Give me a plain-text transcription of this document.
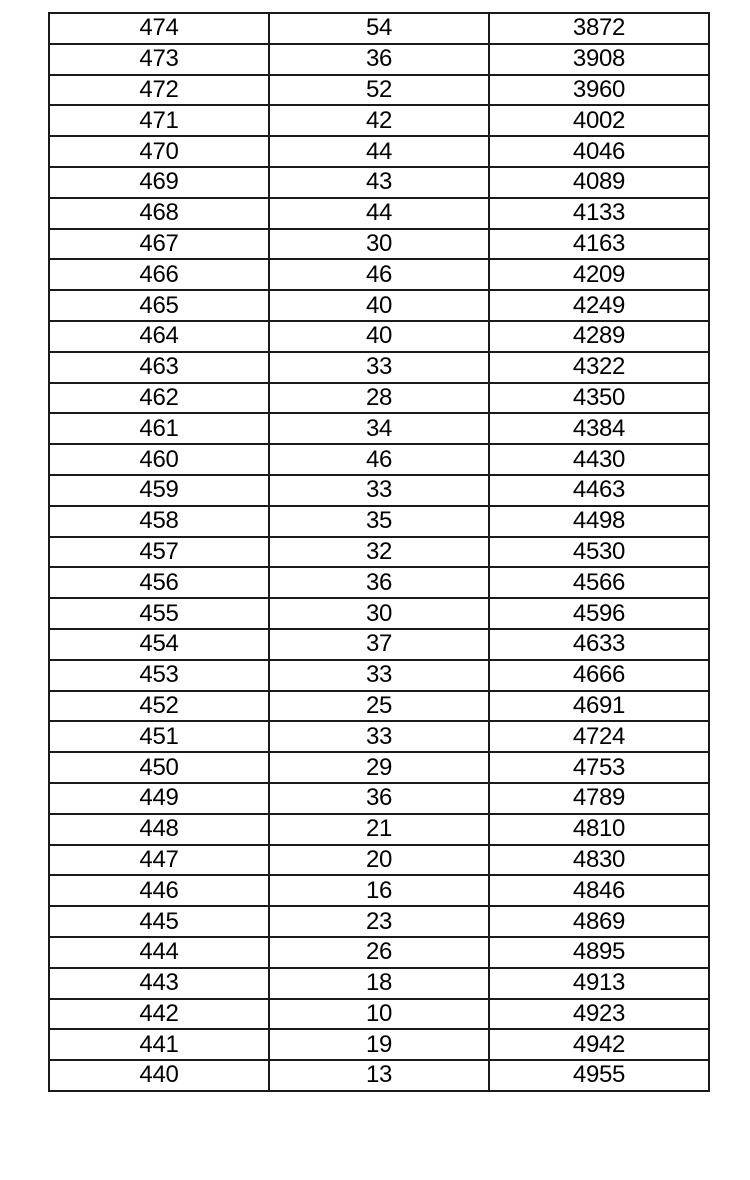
474	54	3872
473	36	3908
472	52	3960
471	42	4002
470	44	4046
469	43	4089
468	44	4133
467	30	4163
466	46	4209
465	40	4249
464	40	4289
463	33	4322
462	28	4350
461	34	4384
460	46	4430
459	33	4463
458	35	4498
457	32	4530
456	36	4566
455	30	4596
454	37	4633
453	33	4666
452	25	4691
451	33	4724
450	29	4753
449	36	4789
448	21	4810
447	20	4830
446	16	4846
445	23	4869
444	26	4895
443	18	4913
442	10	4923
441	19	4942
440	13	4955
